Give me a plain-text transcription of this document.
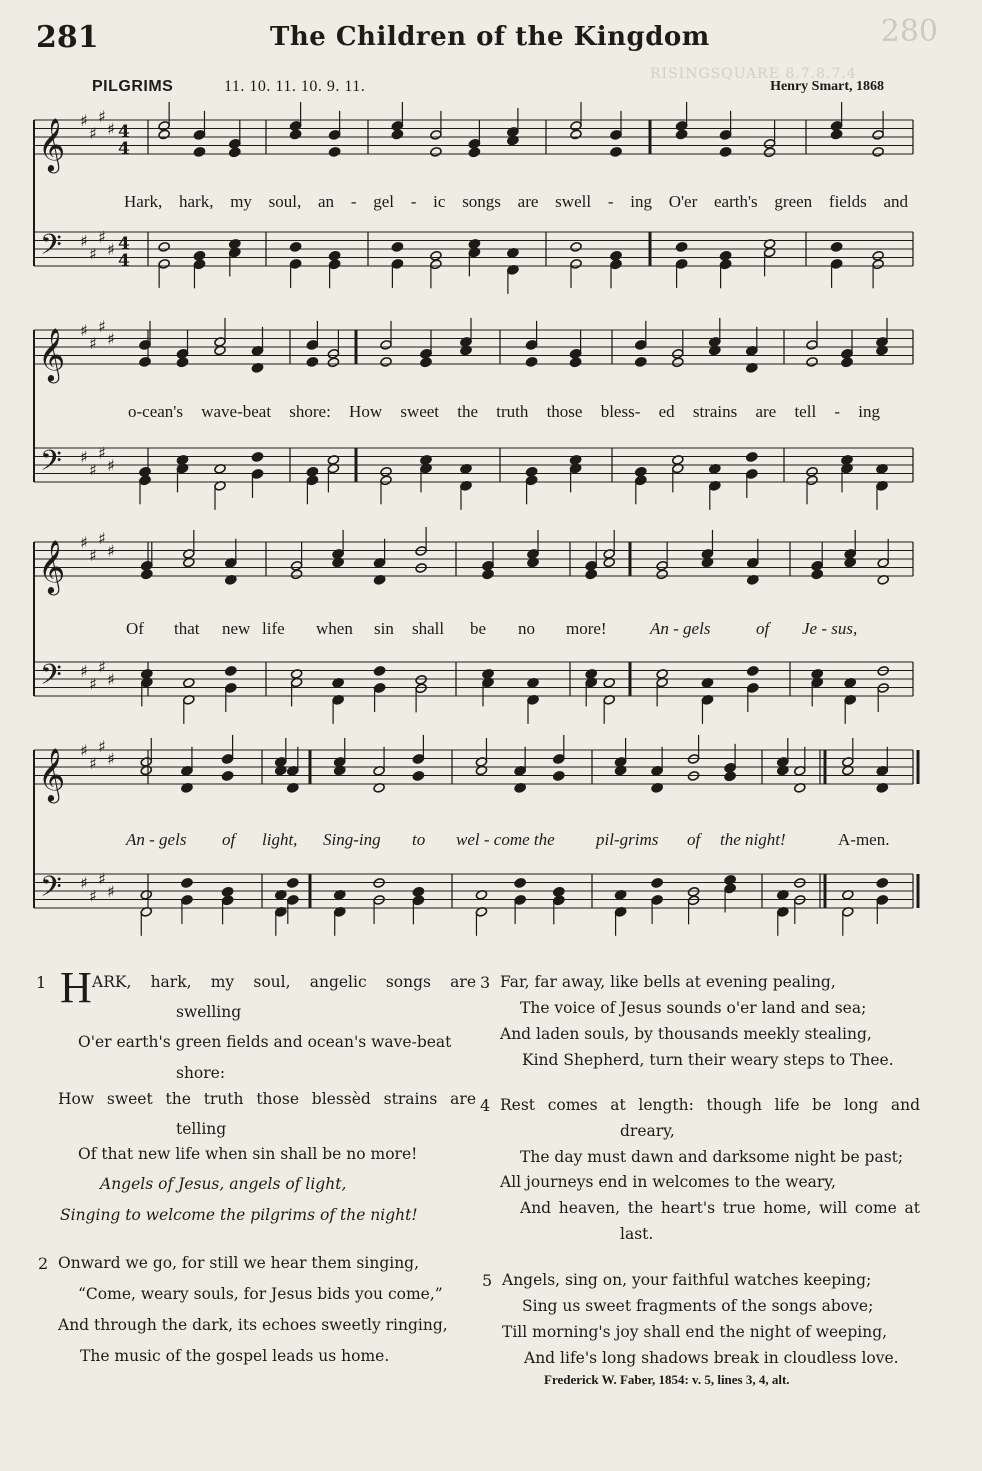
281	The Children of the Kingdom	280
RISINGSQUARE 8.7.8.7.4
PILGRIMS	11. 10. 11. 10. 9. 11.	Henry Smart, 1868
𝄞 ♯
♯
♯
♯ 4
4
𝄢 ♯
♯
♯
♯ 4
4
𝄞 ♯
♯
♯
♯
𝄢 ♯
♯
♯
♯
𝄞 ♯
♯
♯
♯
𝄢 ♯
♯
♯
♯
𝄞 ♯
♯
♯
♯
𝄢 ♯
♯
♯
♯
Hark, hark, my soul, an - gel - ic songs are swell - ing O'er earth's green fields and
o-cean's wave-beat shore: How sweet the truth those bless- ed strains are tell - ing
Of that new life when sin shall be no more!	An - gels	of Je - sus,
An - gels of light, Sing-ing to wel - come the pil-grims of the night!	A-men.
1 H ARK, hark, my soul, angelic songs are
swelling
O'er earth's green fields and ocean's wave-beat
shore:
How sweet the truth those blessèd strains are
telling
Of that new life when sin shall be no more!
Angels of Jesus, angels of light,
Singing to welcome the pilgrims of the night!
2 Onward we go, for still we hear them singing,
“Come, weary souls, for Jesus bids you come,”
And through the dark, its echoes sweetly ringing,
The music of the gospel leads us home.
3 Far, far away, like bells at evening pealing,
The voice of Jesus sounds o'er land and sea;
And laden souls, by thousands meekly stealing,
Kind Shepherd, turn their weary steps to Thee.
4 Rest comes at length: though life be long and
dreary,
The day must dawn and darksome night be past;
All journeys end in welcomes to the weary,
And heaven, the heart's true home, will come at
last.
5 Angels, sing on, your faithful watches keeping;
Sing us sweet fragments of the songs above;
Till morning's joy shall end the night of weeping,
And life's long shadows break in cloudless love.
Frederick W. Faber, 1854: v. 5, lines 3, 4, alt.
